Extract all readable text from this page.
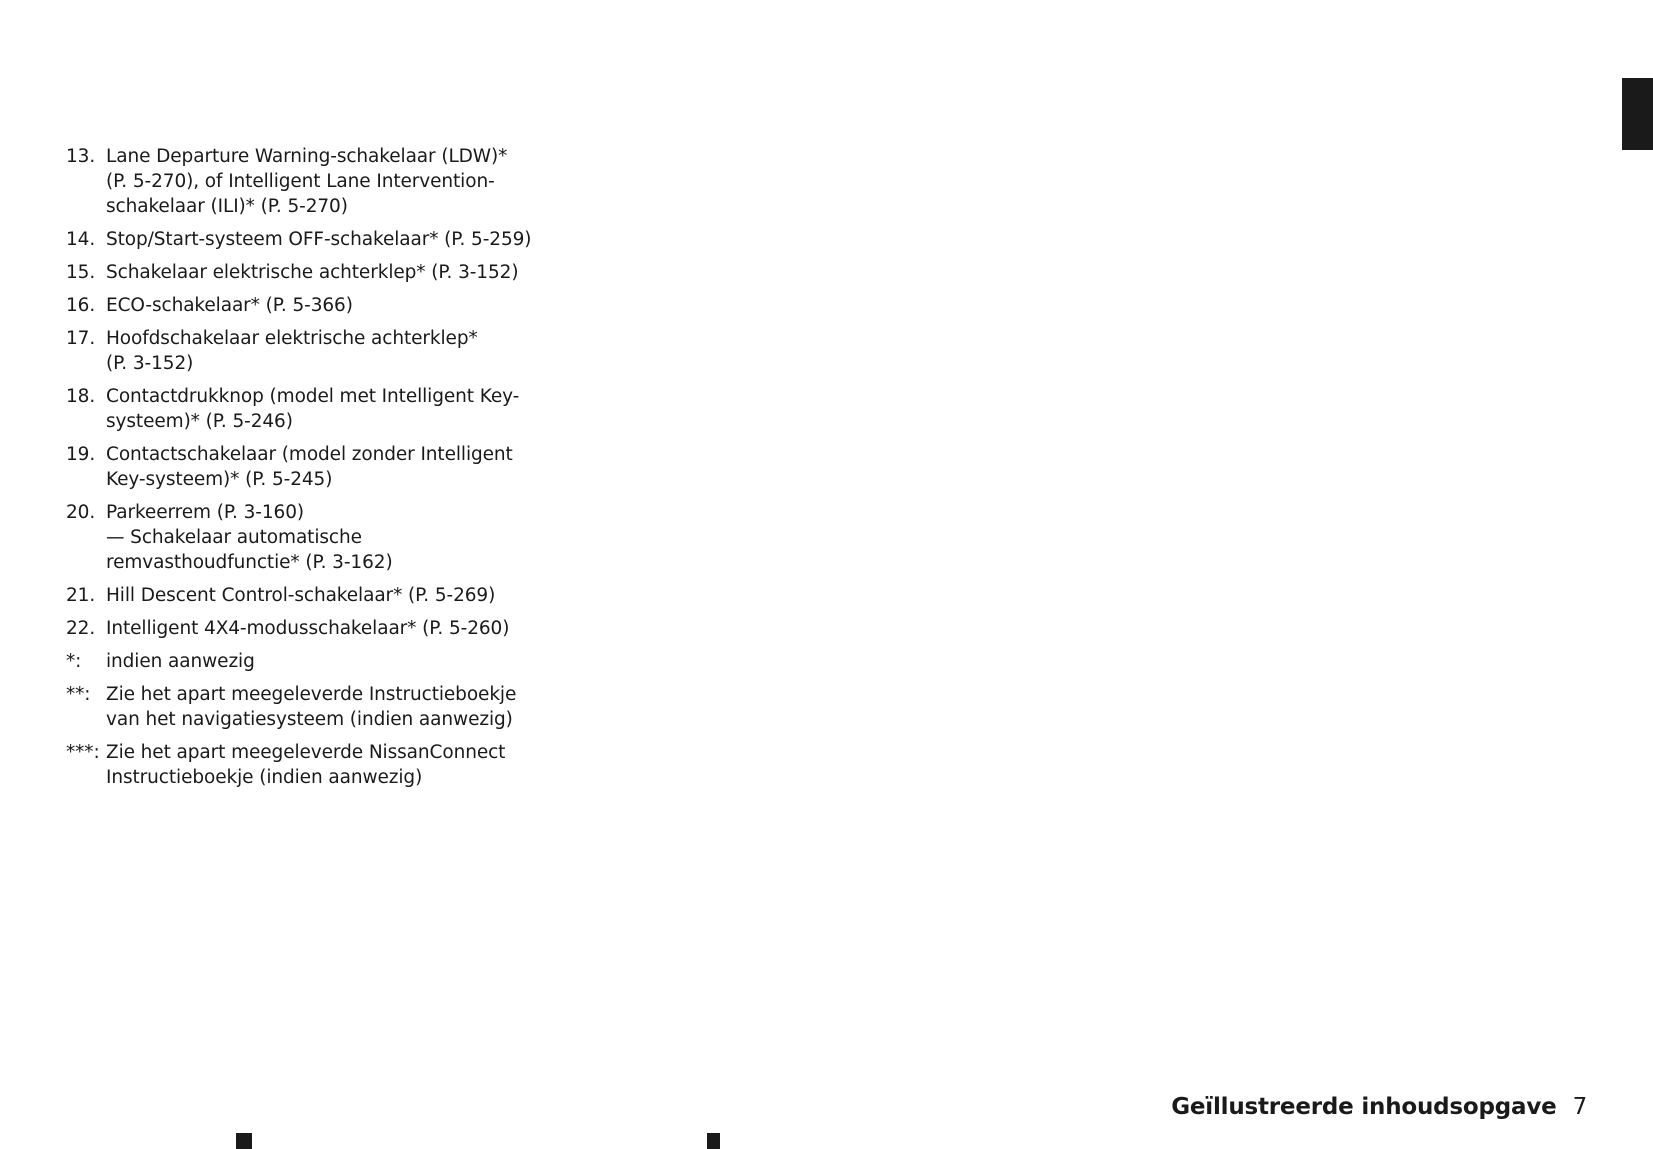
13. Lane Departure Warning-schakelaar (LDW)*
(P. 5-270), of Intelligent Lane Intervention-
schakelaar (ILI)* (P. 5-270)
14. Stop/Start-systeem OFF-schakelaar* (P. 5-259)
15. Schakelaar elektrische achterklep* (P. 3-152)
16. ECO-schakelaar* (P. 5-366)
17. Hoofdschakelaar elektrische achterklep*
(P. 3-152)
18. Contactdrukknop (model met Intelligent Key-
systeem)* (P. 5-246)
19. Contactschakelaar (model zonder Intelligent
Key-systeem)* (P. 5-245)
20. Parkeerrem (P. 3-160)
— Schakelaar automatische
remvasthoudfunctie* (P. 3-162)
21. Hill Descent Control-schakelaar* (P. 5-269)
22. Intelligent 4X4-modusschakelaar* (P. 5-260)
*:	indien aanwezig
**: Zie het apart meegeleverde Instructieboekje
van het navigatiesysteem (indien aanwezig)
***: Zie het apart meegeleverde NissanConnect
Instructieboekje (indien aanwezig)
Geïllustreerde inhoudsopgave 7
